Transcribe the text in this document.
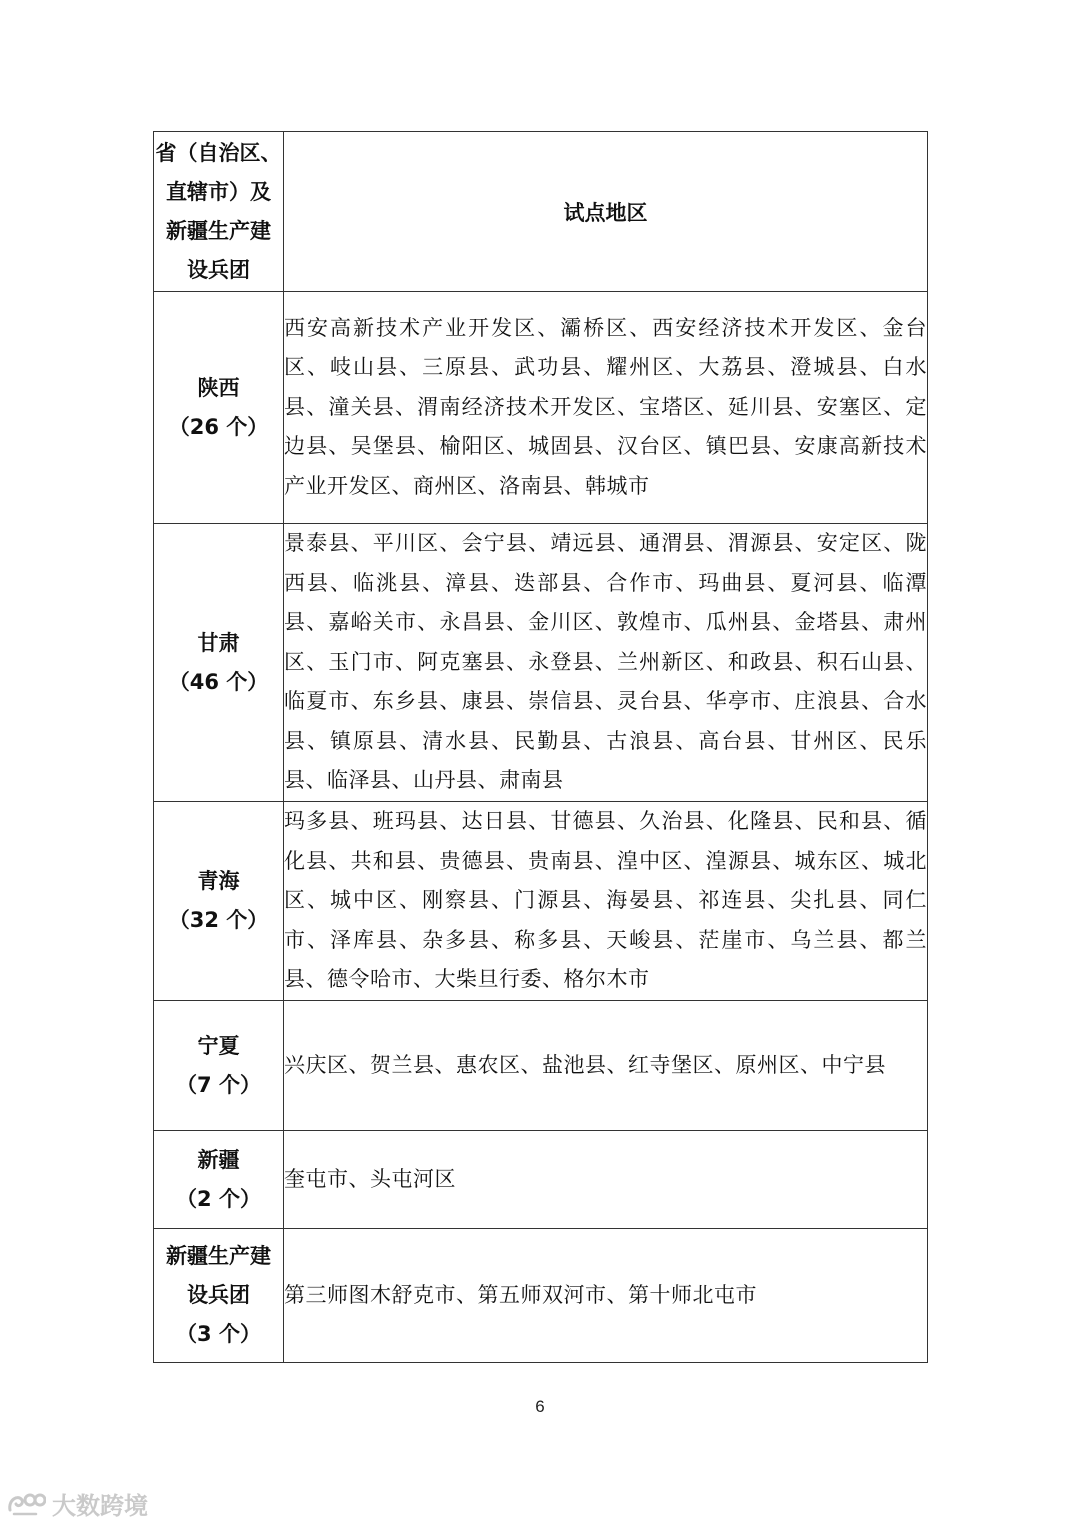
省（自治区、
直辖市）及
新疆生产建
设兵团	试点地区

陕西
（26 个）	西安高新技术产业开发区、灞桥区、西安经济技术开发区、金台区、岐山县、三原县、武功县、耀州区、大荔县、澄城县、白水县、潼关县、渭南经济技术开发区、宝塔区、延川县、安塞区、定边县、吴堡县、榆阳区、城固县、汉台区、镇巴县、安康高新技术产业开发区、商州区、洛南县、韩城市

甘肃
（46 个）	景泰县、平川区、会宁县、靖远县、通渭县、渭源县、安定区、陇西县、临洮县、漳县、迭部县、合作市、玛曲县、夏河县、临潭县、嘉峪关市、永昌县、金川区、敦煌市、瓜州县、金塔县、肃州区、玉门市、阿克塞县、永登县、兰州新区、和政县、积石山县、临夏市、东乡县、康县、崇信县、灵台县、华亭市、庄浪县、合水县、镇原县、清水县、民勤县、古浪县、高台县、甘州区、民乐县、临泽县、山丹县、肃南县

青海
（32 个）	玛多县、班玛县、达日县、甘德县、久治县、化隆县、民和县、循化县、共和县、贵德县、贵南县、湟中区、湟源县、城东区、城北区、城中区、刚察县、门源县、海晏县、祁连县、尖扎县、同仁市、泽库县、杂多县、称多县、天峻县、茫崖市、乌兰县、都兰县、德令哈市、大柴旦行委、格尔木市

宁夏
（7 个）	兴庆区、贺兰县、惠农区、盐池县、红寺堡区、原州区、中宁县

新疆
（2 个）	奎屯市、头屯河区

新疆生产建
设兵团
（3 个）	第三师图木舒克市、第五师双河市、第十师北屯市
6
大数跨境
